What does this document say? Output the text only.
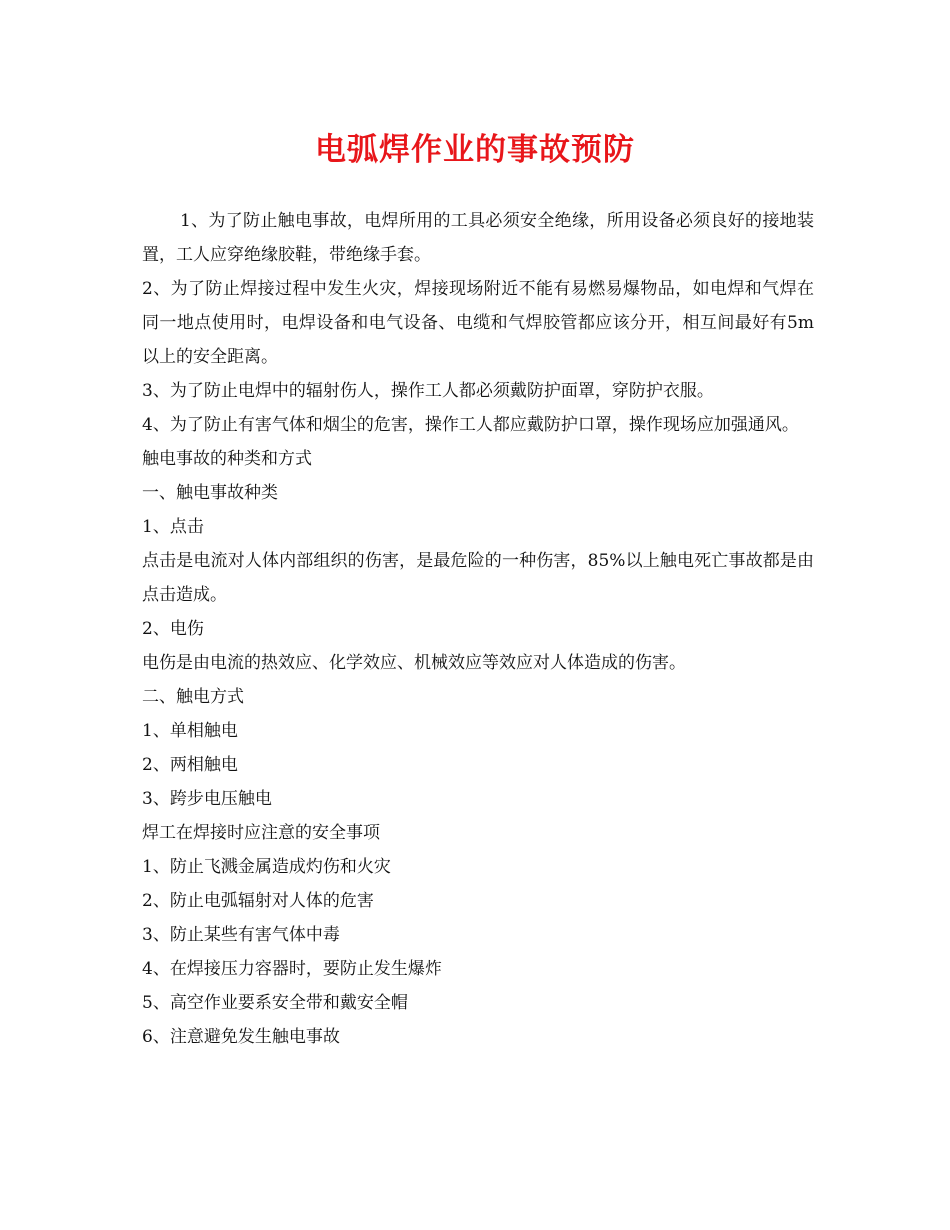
电弧焊作业的事故预防

1、为了防止触电事故，电焊所用的工具必须安全绝缘，所用设备必须良好的接地装置，工人应穿绝缘胶鞋，带绝缘手套。

2、为了防止焊接过程中发生火灾，焊接现场附近不能有易燃易爆物品，如电焊和气焊在同一地点使用时，电焊设备和电气设备、电缆和气焊胶管都应该分开，相互间最好有5m以上的安全距离。

3、为了防止电焊中的辐射伤人，操作工人都必须戴防护面罩，穿防护衣服。

4、为了防止有害气体和烟尘的危害，操作工人都应戴防护口罩，操作现场应加强通风。

触电事故的种类和方式

一、触电事故种类

1、点击

点击是电流对人体内部组织的伤害，是最危险的一种伤害，85%以上触电死亡事故都是由点击造成。

2、电伤

电伤是由电流的热效应、化学效应、机械效应等效应对人体造成的伤害。

二、触电方式

1、单相触电

2、两相触电

3、跨步电压触电

焊工在焊接时应注意的安全事项

1、防止飞溅金属造成灼伤和火灾

2、防止电弧辐射对人体的危害

3、防止某些有害气体中毒

4、在焊接压力容器时，要防止发生爆炸

5、高空作业要系安全带和戴安全帽

6、注意避免发生触电事故
